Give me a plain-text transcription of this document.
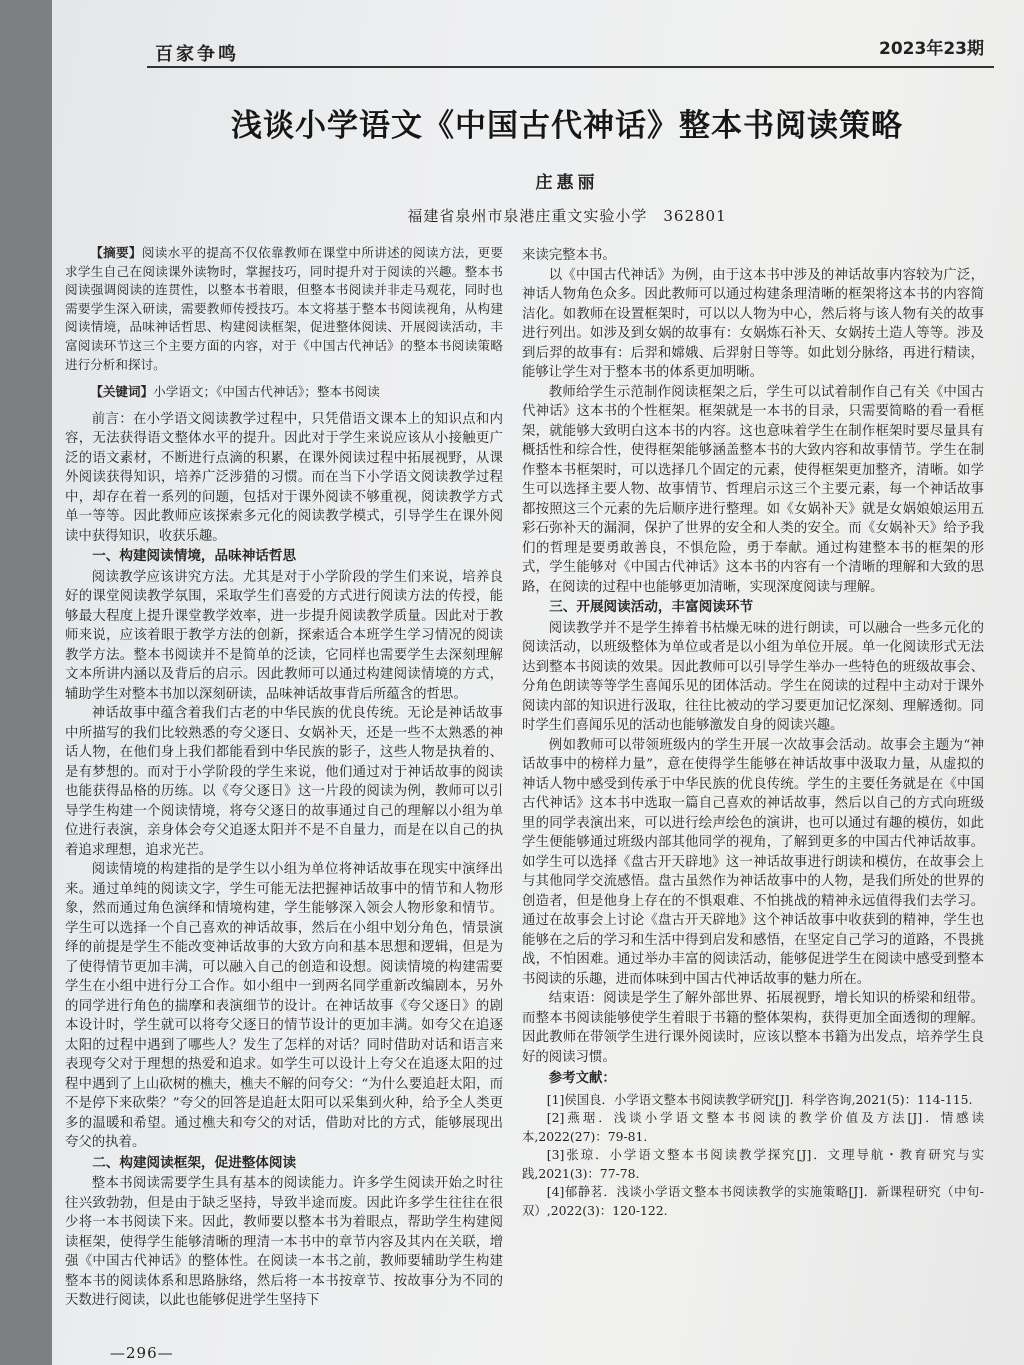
百家争鸣	2023年23期
浅谈小学语文《中国古代神话》整本书阅读策略
庄惠丽
福建省泉州市泉港庄重文实验小学　362801
—296—

【摘要】阅读水平的提高不仅依靠教师在课堂中所讲述的阅读方法，更要求学生自己在阅读课外读物时，掌握技巧，同时提升对于阅读的兴趣。整本书阅读强调阅读的连贯性，以整本书着眼，但整本书阅读并非走马观花，同时也需要学生深入研读，需要教师传授技巧。本文将基于整本书阅读视角，从构建阅读情境，品味神话哲思、构建阅读框架，促进整体阅读、开展阅读活动，丰富阅读环节这三个主要方面的内容，对于《中国古代神话》的整本书阅读策略进行分析和探讨。

【关键词】小学语文；《中国古代神话》；整本书阅读

前言：在小学语文阅读教学过程中，只凭借语文课本上的知识点和内容，无法获得语文整体水平的提升。因此对于学生来说应该从小接触更广泛的语文素材，不断进行点滴的积累，在课外阅读过程中拓展视野，从课外阅读获得知识，培养广泛涉猎的习惯。而在当下小学语文阅读教学过程中，却存在着一系列的问题，包括对于课外阅读不够重视，阅读教学方式单一等等。因此教师应该探索多元化的阅读教学模式，引导学生在课外阅读中获得知识，收获乐趣。

一、构建阅读情境，品味神话哲思

阅读教学应该讲究方法。尤其是对于小学阶段的学生们来说，培养良好的课堂阅读教学氛围，采取学生们喜爱的方式进行阅读方法的传授，能够最大程度上提升课堂教学效率，进一步提升阅读教学质量。因此对于教师来说，应该着眼于教学方法的创新，探索适合本班学生学习情况的阅读教学方法。整本书阅读并不是简单的泛读，它同样也需要学生去深刻理解文本所讲内涵以及背后的启示。因此教师可以通过构建阅读情境的方式，辅助学生对整本书加以深刻研读，品味神话故事背后所蕴含的哲思。

神话故事中蕴含着我们古老的中华民族的优良传统。无论是神话故事中所描写的我们比较熟悉的夸父逐日、女娲补天，还是一些不太熟悉的神话人物，在他们身上我们都能看到中华民族的影子，这些人物是执着的、是有梦想的。而对于小学阶段的学生来说，他们通过对于神话故事的阅读也能获得品格的历练。以《夸父逐日》这一片段的阅读为例，教师可以引导学生构建一个阅读情境，将夸父逐日的故事通过自己的理解以小组为单位进行表演，亲身体会夸父追逐太阳并不是不自量力，而是在以自己的执着追求理想，追求光芒。

阅读情境的构建指的是学生以小组为单位将神话故事在现实中演绎出来。通过单纯的阅读文字，学生可能无法把握神话故事中的情节和人物形象，然而通过角色演绎和情境构建，学生能够深入领会人物形象和情节。学生可以选择一个自己喜欢的神话故事，然后在小组中划分角色，情景演绎的前提是学生不能改变神话故事的大致方向和基本思想和逻辑，但是为了使得情节更加丰满，可以融入自己的创造和设想。阅读情境的构建需要学生在小组中进行分工合作。如小组中一到两名同学重新改编剧本，另外的同学进行角色的揣摩和表演细节的设计。在神话故事《夸父逐日》的剧本设计时，学生就可以将夸父逐日的情节设计的更加丰满。如夸父在追逐太阳的过程中遇到了哪些人？发生了怎样的对话？同时借助对话和语言来表现夸父对于理想的热爱和追求。如学生可以设计上夸父在追逐太阳的过程中遇到了上山砍树的樵夫，樵夫不解的问夸父：“为什么要追赶太阳，而不是停下来砍柴？”夸父的回答是追赶太阳可以采集到火种，给予全人类更多的温暖和希望。通过樵夫和夸父的对话，借助对比的方式，能够展现出夸父的执着。

二、构建阅读框架，促进整体阅读

整本书阅读需要学生具有基本的阅读能力。许多学生阅读开始之时往往兴致勃勃，但是由于缺乏坚持，导致半途而废。因此许多学生往往在很少将一本书阅读下来。因此，教师要以整本书为着眼点，帮助学生构建阅读框架，使得学生能够清晰的理清一本书中的章节内容及其内在关联，增强《中国古代神话》的整体性。在阅读一本书之前，教师要辅助学生构建整本书的阅读体系和思路脉络，然后将一本书按章节、按故事分为不同的天数进行阅读，以此也能够促进学生坚持下

来读完整本书。

以《中国古代神话》为例，由于这本书中涉及的神话故事内容较为广泛，神话人物角色众多。因此教师可以通过构建条理清晰的框架将这本书的内容简洁化。如教师在设置框架时，可以以人物为中心，然后将与该人物有关的故事进行列出。如涉及到女娲的故事有：女娲炼石补天、女娲抟土造人等等。涉及到后羿的故事有：后羿和嫦娥、后羿射日等等。如此划分脉络，再进行精读，能够让学生对于整本书的体系更加明晰。

教师给学生示范制作阅读框架之后，学生可以试着制作自己有关《中国古代神话》这本书的个性框架。框架就是一本书的目录，只需要简略的看一看框架，就能够大致明白这本书的内容。这也意味着学生在制作框架时要尽量具有概括性和综合性，使得框架能够涵盖整本书的大致内容和故事情节。学生在制作整本书框架时，可以选择几个固定的元素，使得框架更加整齐，清晰。如学生可以选择主要人物、故事情节、哲理启示这三个主要元素，每一个神话故事都按照这三个元素的先后顺序进行整理。如《女娲补天》就是女娲娘娘运用五彩石弥补天的漏洞，保护了世界的安全和人类的安全。而《女娲补天》给予我们的哲理是要勇敢善良，不惧危险，勇于奉献。通过构建整本书的框架的形式，学生能够对《中国古代神话》这本书的内容有一个清晰的理解和大致的思路，在阅读的过程中也能够更加清晰，实现深度阅读与理解。

三、开展阅读活动，丰富阅读环节

阅读教学并不是学生捧着书枯燥无味的进行朗读，可以融合一些多元化的阅读活动，以班级整体为单位或者是以小组为单位开展。单一化阅读形式无法达到整本书阅读的效果。因此教师可以引导学生举办一些特色的班级故事会、分角色朗读等等学生喜闻乐见的团体活动。学生在阅读的过程中主动对于课外阅读内部的知识进行汲取，往往比被动的学习要更加记忆深刻、理解透彻。同时学生们喜闻乐见的活动也能够激发自身的阅读兴趣。

例如教师可以带领班级内的学生开展一次故事会活动。故事会主题为“神话故事中的榜样力量”，意在使得学生能够在神话故事中汲取力量，从虚拟的神话人物中感受到传承于中华民族的优良传统。学生的主要任务就是在《中国古代神话》这本书中选取一篇自己喜欢的神话故事，然后以自己的方式向班级里的同学表演出来，可以进行绘声绘色的演讲，也可以通过有趣的模仿，如此学生便能够通过班级内部其他同学的视角，了解到更多的中国古代神话故事。如学生可以选择《盘古开天辟地》这一神话故事进行朗读和模仿，在故事会上与其他同学交流感悟。盘古虽然作为神话故事中的人物，是我们所处的世界的创造者，但是他身上存在的不惧艰难、不怕挑战的精神永远值得我们去学习。通过在故事会上讨论《盘古开天辟地》这个神话故事中收获到的精神，学生也能够在之后的学习和生活中得到启发和感悟，在坚定自己学习的道路，不畏挑战，不怕困难。通过举办丰富的阅读活动，能够促进学生在阅读中感受到整本书阅读的乐趣，进而体味到中国古代神话故事的魅力所在。

结束语：阅读是学生了解外部世界、拓展视野，增长知识的桥梁和纽带。而整本书阅读能够使学生着眼于书籍的整体架构，获得更加全面透彻的理解。因此教师在带领学生进行课外阅读时，应该以整本书籍为出发点，培养学生良好的阅读习惯。

参考文献：

[1]侯国良．小学语文整本书阅读教学研究[J]．科学咨询,2021(5)：114-115.

[2]燕琚．浅谈小学语文整本书阅读的教学价值及方法[J]．情感读本,2022(27)：79-81.

[3]张琼．小学语文整本书阅读教学探究[J]．文理导航・教育研究与实践,2021(3)：77-78.

[4]郁静茗．浅谈小学语文整本书阅读教学的实施策略[J]．新课程研究（中旬-双）,2022(3)：120-122.
